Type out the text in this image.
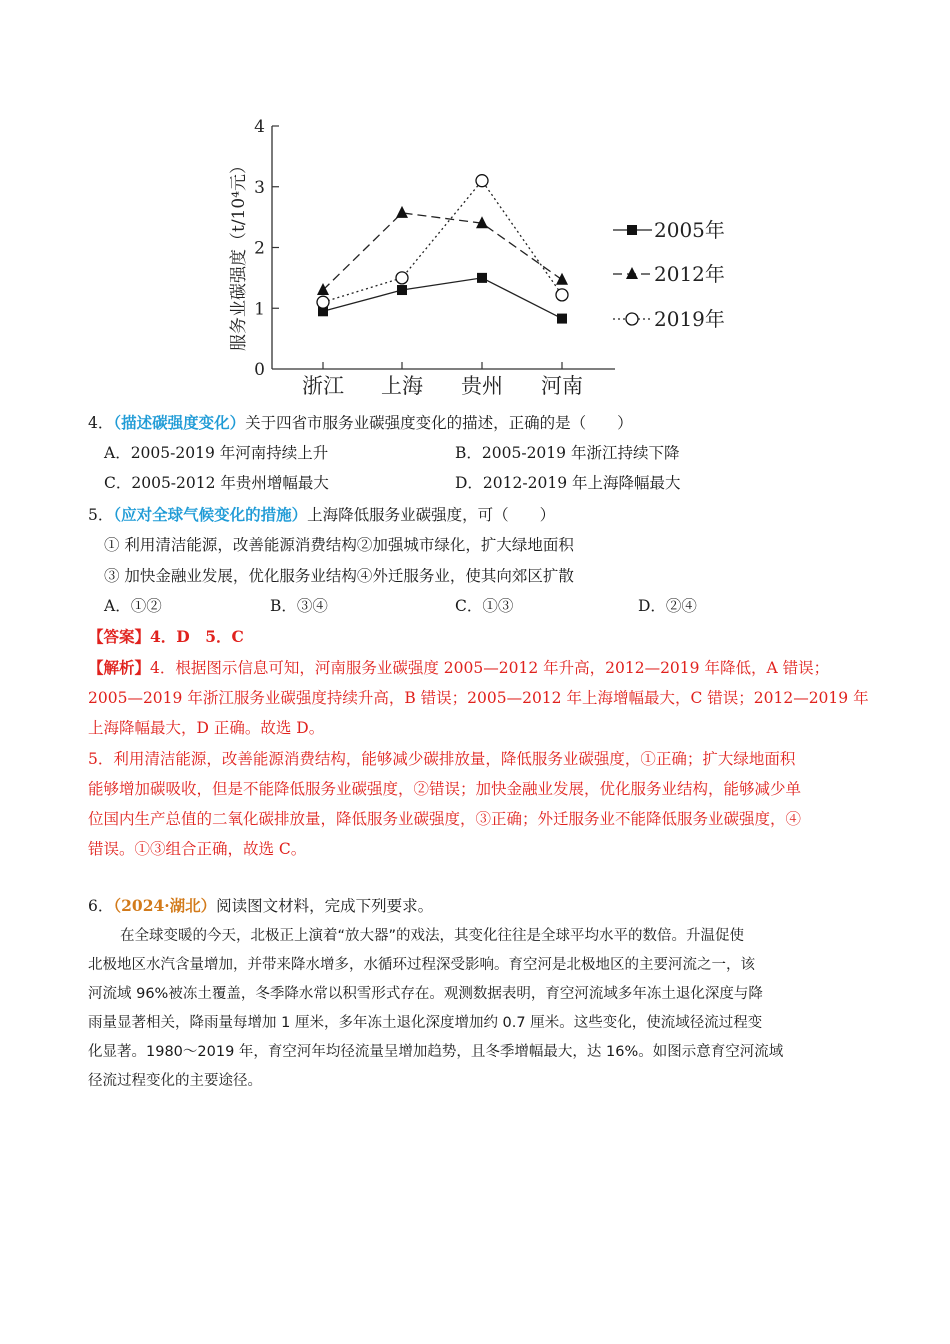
0
1
2
3
4
浙江 上海 贵州 河南
2005年
2012年
2019年
服务业碳强度（t/10⁴元）
4．（描述碳强度变化）关于四省市服务业碳强度变化的描述，正确的是（　　）
A．2005-2019 年河南持续上升	B．2005-2019 年浙江持续下降
C．2005-2012 年贵州增幅最大	D．2012-2019 年上海降幅最大
5．（应对全球气候变化的措施）上海降低服务业碳强度，可（　　）
① 利用清洁能源，改善能源消费结构②加强城市绿化，扩大绿地面积
③ 加快金融业发展，优化服务业结构④外迁服务业，使其向郊区扩散
A．①②	B．③④	C．①③	D．②④
【答案】4．D　5．C
【解析】4．根据图示信息可知，河南服务业碳强度 2005—2012 年升高，2012—2019 年降低，A 错误；
2005—2019 年浙江服务业碳强度持续升高，B 错误；2005—2012 年上海增幅最大，C 错误；2012—2019 年
上海降幅最大，D 正确。故选 D。
5．利用清洁能源，改善能源消费结构，能够减少碳排放量，降低服务业碳强度，①正确；扩大绿地面积
能够增加碳吸收，但是不能降低服务业碳强度，②错误；加快金融业发展，优化服务业结构，能够减少单
位国内生产总值的二氧化碳排放量，降低服务业碳强度，③正确；外迁服务业不能降低服务业碳强度，④
错误。①③组合正确，故选 C。
6．（2024·湖北）阅读图文材料，完成下列要求。
在全球变暖的今天，北极正上演着“放大器”的戏法，其变化往往是全球平均水平的数倍。升温促使
北极地区水汽含量增加，并带来降水增多，水循环过程深受影响。育空河是北极地区的主要河流之一，该
河流域 96%被冻土覆盖，冬季降水常以积雪形式存在。观测数据表明，育空河流域多年冻土退化深度与降
雨量显著相关，降雨量每增加 1 厘米，多年冻土退化深度增加约 0.7 厘米。这些变化，使流域径流过程变
化显著。1980～2019 年，育空河年均径流量呈增加趋势，且冬季增幅最大，达 16%。如图示意育空河流域
径流过程变化的主要途径。
